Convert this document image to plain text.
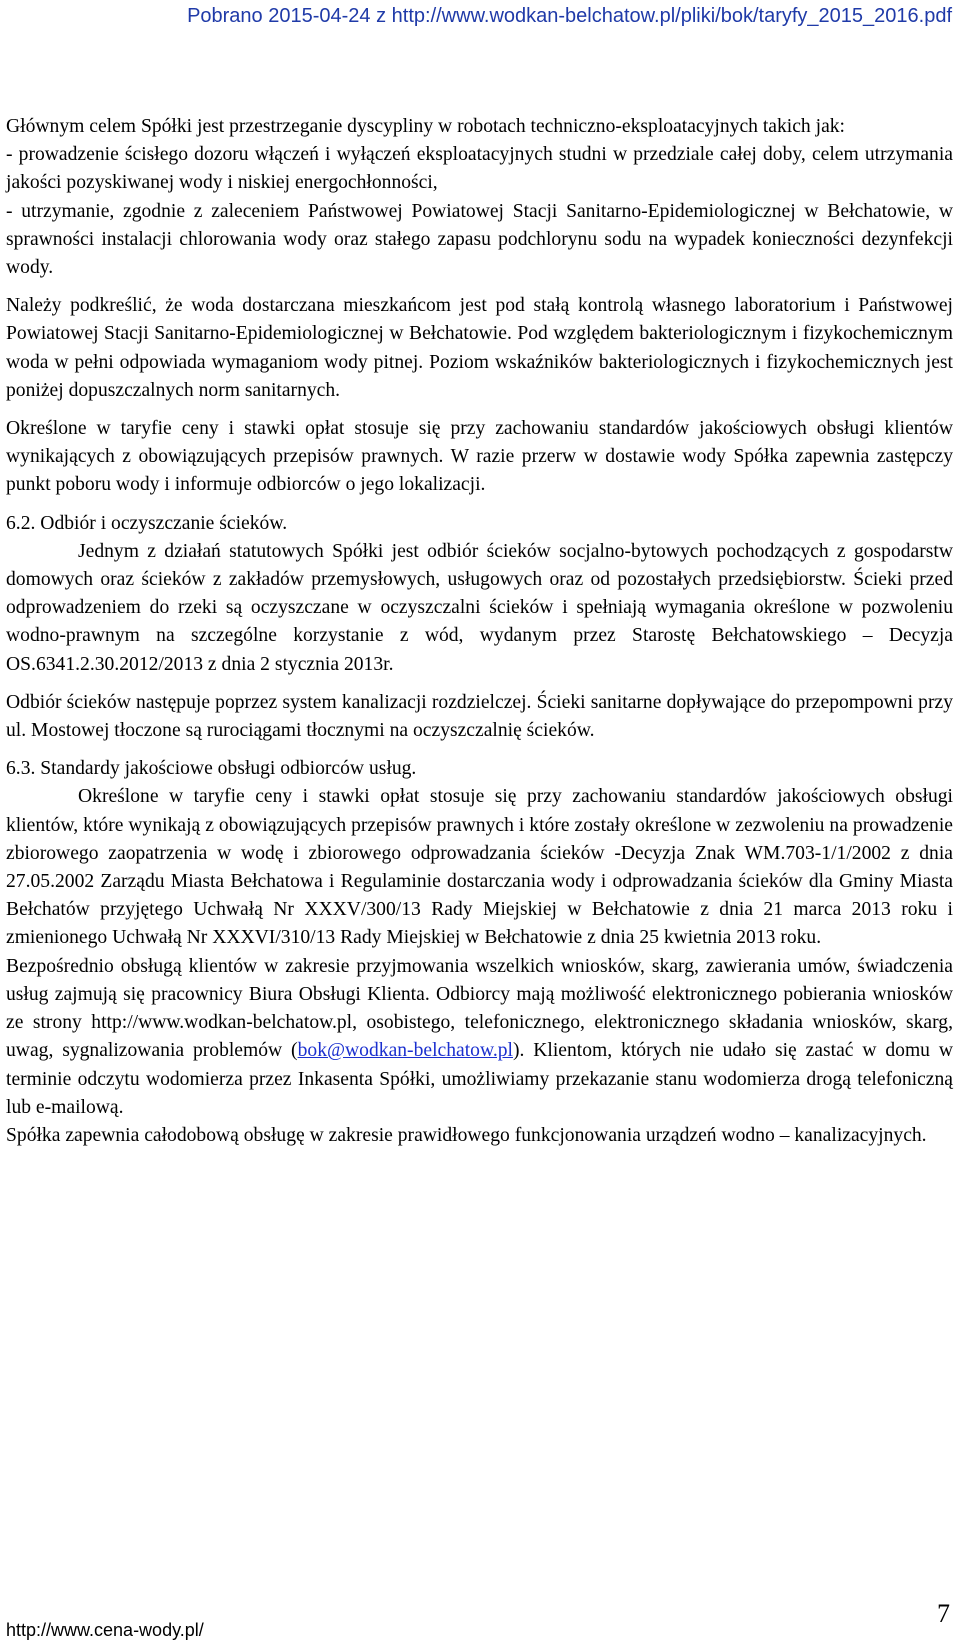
Pobrano 2015-04-24 z http://www.wodkan-belchatow.pl/pliki/bok/taryfy_2015_2016.pdf

Głównym celem Spółki jest przestrzeganie dyscypliny w robotach techniczno-eksploatacyjnych takich jak:

- prowadzenie ścisłego dozoru włączeń i wyłączeń eksploatacyjnych studni w przedziale całej doby, celem utrzymania jakości pozyskiwanej wody i niskiej energochłonności,

- utrzymanie, zgodnie z zaleceniem Państwowej Powiatowej Stacji Sanitarno-Epidemiologicznej w Bełchatowie, w sprawności instalacji chlorowania wody oraz stałego zapasu podchlorynu sodu na wypadek konieczności dezynfekcji wody.

Należy podkreślić, że woda dostarczana mieszkańcom jest pod stałą kontrolą własnego laboratorium i Państwowej Powiatowej Stacji Sanitarno-Epidemiologicznej w Bełchatowie. Pod względem bakteriologicznym i fizykochemicznym woda w pełni odpowiada wymaganiom wody pitnej. Poziom wskaźników bakteriologicznych i fizykochemicznych jest poniżej dopuszczalnych norm sanitarnych.

Określone w taryfie ceny i stawki opłat stosuje się przy zachowaniu standardów jakościowych obsługi klientów wynikających z obowiązujących przepisów prawnych. W razie przerw w dostawie wody Spółka zapewnia zastępczy punkt poboru wody i informuje odbiorców o jego lokalizacji.

6.2. Odbiór i oczyszczanie ścieków.

Jednym z działań statutowych Spółki jest odbiór ścieków socjalno-bytowych pochodzących z gospodarstw domowych oraz ścieków z zakładów przemysłowych, usługowych oraz od pozostałych przedsiębiorstw. Ścieki przed odprowadzeniem do rzeki są oczyszczane w oczyszczalni ścieków i spełniają wymagania określone w pozwoleniu wodno-prawnym na szczególne korzystanie z wód, wydanym przez Starostę Bełchatowskiego – Decyzja OS.6341.2.30.2012/2013 z dnia 2 stycznia 2013r.

Odbiór ścieków następuje poprzez system kanalizacji rozdzielczej. Ścieki sanitarne dopływające do przepompowni przy ul. Mostowej tłoczone są rurociągami tłocznymi na oczyszczalnię ścieków.

6.3. Standardy jakościowe obsługi odbiorców usług.

Określone w taryfie ceny i stawki opłat stosuje się przy zachowaniu standardów jakościowych obsługi klientów, które wynikają z obowiązujących przepisów prawnych i które zostały określone w zezwoleniu na prowadzenie zbiorowego zaopatrzenia w wodę i zbiorowego odprowadzania ścieków -Decyzja Znak WM.703-1/1/2002 z dnia 27.05.2002 Zarządu Miasta Bełchatowa i Regulaminie dostarczania wody i odprowadzania ścieków dla Gminy Miasta Bełchatów przyjętego Uchwałą Nr XXXV/300/13 Rady Miejskiej w Bełchatowie z dnia 21 marca 2013 roku i zmienionego Uchwałą Nr XXXVI/310/13 Rady Miejskiej w Bełchatowie z dnia 25 kwietnia 2013 roku.

Bezpośrednio obsługą klientów w zakresie przyjmowania wszelkich wniosków, skarg, zawierania umów, świadczenia usług zajmują się pracownicy Biura Obsługi Klienta. Odbiorcy mają możliwość elektronicznego pobierania wniosków ze strony http://www.wodkan-belchatow.pl, osobistego, telefonicznego, elektronicznego składania wniosków, skarg, uwag, sygnalizowania problemów (bok@wodkan-belchatow.pl). Klientom, których nie udało się zastać w domu w terminie odczytu wodomierza przez Inkasenta Spółki, umożliwiamy przekazanie stanu wodomierza drogą telefoniczną lub e-mailową.

Spółka zapewnia całodobową obsługę w zakresie prawidłowego funkcjonowania urządzeń wodno – kanalizacyjnych.

http://www.cena-wody.pl/
7
